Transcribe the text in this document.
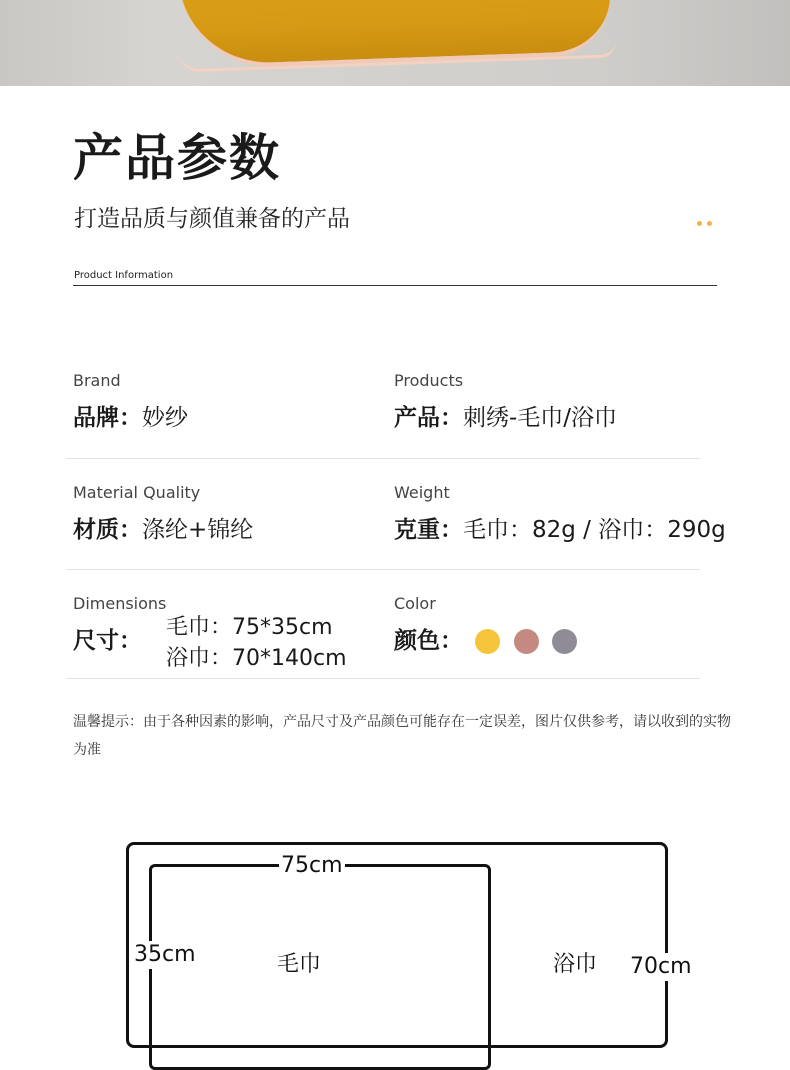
产品参数
打造品质与颜值兼备的产品
Product Information
Brand
品牌：妙纱
Products
产品：刺绣-毛巾/浴巾
Material Quality
材质：涤纶+锦纶
Weight
克重：毛巾：82g / 浴巾：290g
Dimensions
尺寸：
毛巾：75*35cm
浴巾：70*140cm
Color
颜色：
温馨提示：由于各种因素的影响，产品尺寸及产品颜色可能存在一定误差，图片仅供参考，请以收到的实物为准
75cm
35cm	毛巾	浴巾 70cm
